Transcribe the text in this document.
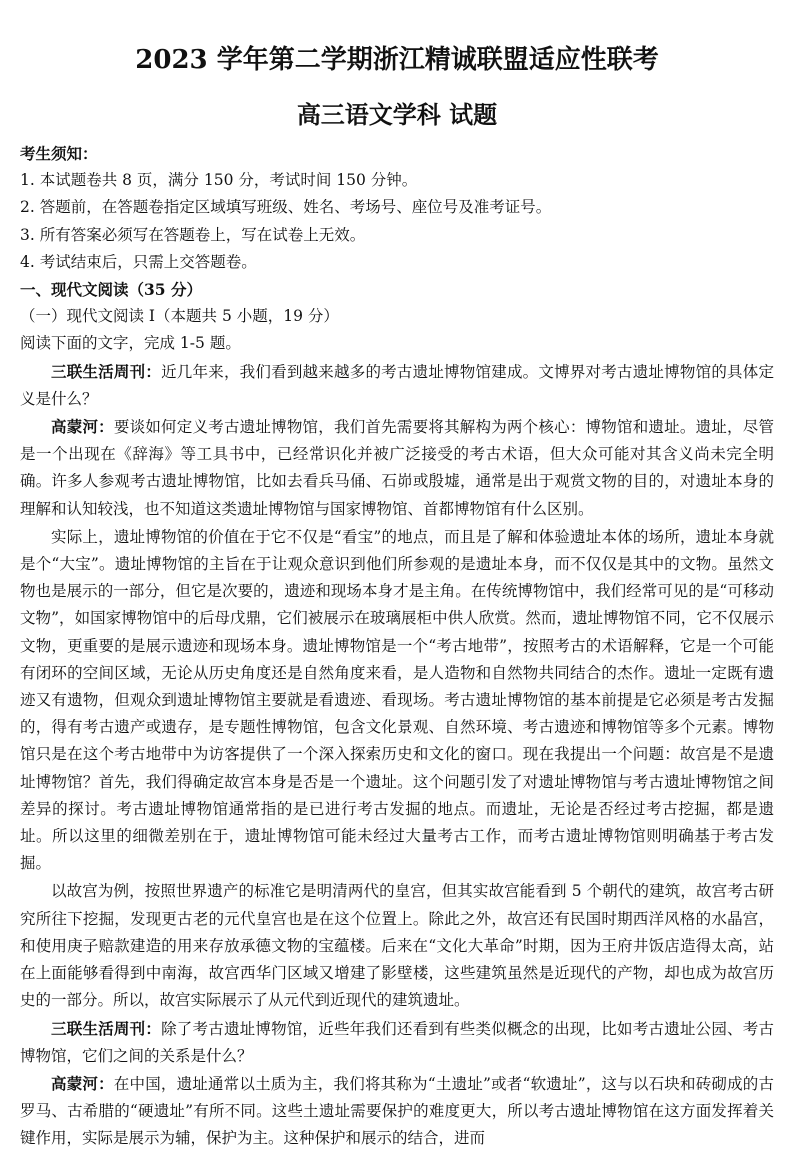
2023 学年第二学期浙江精诚联盟适应性联考
高三语文学科 试题

考生须知：

1. 本试题卷共 8 页，满分 150 分，考试时间 150 分钟。

2. 答题前，在答题卷指定区域填写班级、姓名、考场号、座位号及准考证号。

3. 所有答案必须写在答题卷上，写在试卷上无效。

4. 考试结束后，只需上交答题卷。

一、现代文阅读（35 分）

（一）现代文阅读 I（本题共 5 小题，19 分）

阅读下面的文字，完成 1-5 题。

三联生活周刊：近几年来，我们看到越来越多的考古遗址博物馆建成。文博界对考古遗址博物馆的具体定义是什么？

高蒙河：要谈如何定义考古遗址博物馆，我们首先需要将其解构为两个核心：博物馆和遗址。遗址，尽管是一个出现在《辞海》等工具书中，已经常识化并被广泛接受的考古术语，但大众可能对其含义尚未完全明确。许多人参观考古遗址博物馆，比如去看兵马俑、石峁或殷墟，通常是出于观赏文物的目的，对遗址本身的理解和认知较浅，也不知道这类遗址博物馆与国家博物馆、首都博物馆有什么区别。

实际上，遗址博物馆的价值在于它不仅是“看宝”的地点，而且是了解和体验遗址本体的场所，遗址本身就是个“大宝”。遗址博物馆的主旨在于让观众意识到他们所参观的是遗址本身，而不仅仅是其中的文物。虽然文物也是展示的一部分，但它是次要的，遗迹和现场本身才是主角。在传统博物馆中，我们经常可见的是“可移动文物”，如国家博物馆中的后母戊鼎，它们被展示在玻璃展柜中供人欣赏。然而，遗址博物馆不同，它不仅展示文物，更重要的是展示遗迹和现场本身。遗址博物馆是一个“考古地带”，按照考古的术语解释，它是一个可能有闭环的空间区域，无论从历史角度还是自然角度来看，是人造物和自然物共同结合的杰作。遗址一定既有遗迹又有遗物，但观众到遗址博物馆主要就是看遗迹、看现场。考古遗址博物馆的基本前提是它必须是考古发掘的，得有考古遗产或遗存，是专题性博物馆，包含文化景观、自然环境、考古遗迹和博物馆等多个元素。博物馆只是在这个考古地带中为访客提供了一个深入探索历史和文化的窗口。现在我提出一个问题：故宫是不是遗址博物馆？首先，我们得确定故宫本身是否是一个遗址。这个问题引发了对遗址博物馆与考古遗址博物馆之间差异的探讨。考古遗址博物馆通常指的是已进行考古发掘的地点。而遗址，无论是否经过考古挖掘，都是遗址。所以这里的细微差别在于，遗址博物馆可能未经过大量考古工作，而考古遗址博物馆则明确基于考古发掘。

以故宫为例，按照世界遗产的标准它是明清两代的皇宫，但其实故宫能看到 5 个朝代的建筑，故宫考古研究所往下挖掘，发现更古老的元代皇宫也是在这个位置上。除此之外，故宫还有民国时期西洋风格的水晶宫，和使用庚子赔款建造的用来存放承德文物的宝蕴楼。后来在“文化大革命”时期，因为王府井饭店造得太高，站在上面能够看得到中南海，故宫西华门区域又增建了影壁楼，这些建筑虽然是近现代的产物，却也成为故宫历史的一部分。所以，故宫实际展示了从元代到近现代的建筑遗址。

三联生活周刊：除了考古遗址博物馆，近些年我们还看到有些类似概念的出现，比如考古遗址公园、考古博物馆，它们之间的关系是什么？

高蒙河：在中国，遗址通常以土质为主，我们将其称为“土遗址”或者“软遗址”，这与以石块和砖砌成的古罗马、古希腊的“硬遗址”有所不同。这些土遗址需要保护的难度更大，所以考古遗址博物馆在这方面发挥着关键作用，实际是展示为辅，保护为主。这种保护和展示的结合，进而
